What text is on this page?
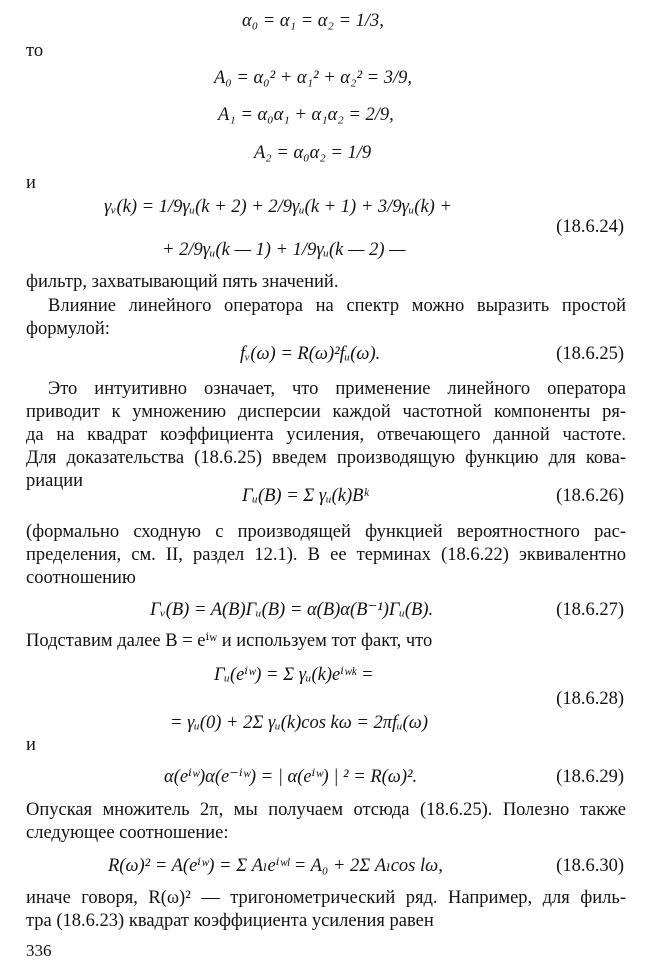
α₀ = α₁ = α₂ = 1/3,
то
A₀ = α₀² + α₁² + α₂² = 3/9,
A₁ = α₀α₁ + α₁α₂ = 2/9,
A₂ = α₀α₂ = 1/9
и
γᵥ(k) = 1/9γᵤ(k + 2) + 2/9γᵤ(k + 1) + 3/9γᵤ(k) +
(18.6.24)
+ 2/9γᵤ(k — 1) + 1/9γᵤ(k — 2) —
фильтр, захватывающий пять значений.
Влияние линейного оператора на спектр можно выразить простой
формулой:
fᵥ(ω) = R(ω)²fᵤ(ω).	(18.6.25)
Это интуитивно означает, что применение линейного оператора
приводит к умножению дисперсии каждой частотной компоненты ря-
да на квадрат коэффициента усиления, отвечающего данной частоте.
Для доказательства (18.6.25) введем производящую функцию для кова-
риации
Γᵤ(B) = Σ γᵤ(k)Bᵏ	(18.6.26)
(формально сходную с производящей функцией вероятностного рас-
пределения, см. II, раздел 12.1). В ее терминах (18.6.22) эквивалентно
соотношению
Γᵥ(B) = A(B)Γᵤ(B) = α(B)α(B⁻¹)Γᵤ(B).	(18.6.27)
Подставим далее B = eⁱʷ и используем тот факт, что
Γᵤ(eⁱʷ) = Σ γᵤ(k)eⁱʷᵏ =
(18.6.28)
= γᵤ(0) + 2Σ γᵤ(k)cos kω = 2πfᵤ(ω)
и
α(eⁱʷ)α(e⁻ⁱʷ) = | α(eⁱʷ) | ² = R(ω)².	(18.6.29)
Опуская множитель 2π, мы получаем отсюда (18.6.25). Полезно также
следующее соотношение:
R(ω)² = A(eⁱʷ) = Σ Aₗeⁱʷˡ = A₀ + 2Σ Aₗcos lω,	(18.6.30)
иначе говоря, R(ω)² — тригонометрический ряд. Например, для филь-
тра (18.6.23) квадрат коэффициента усиления равен
336
